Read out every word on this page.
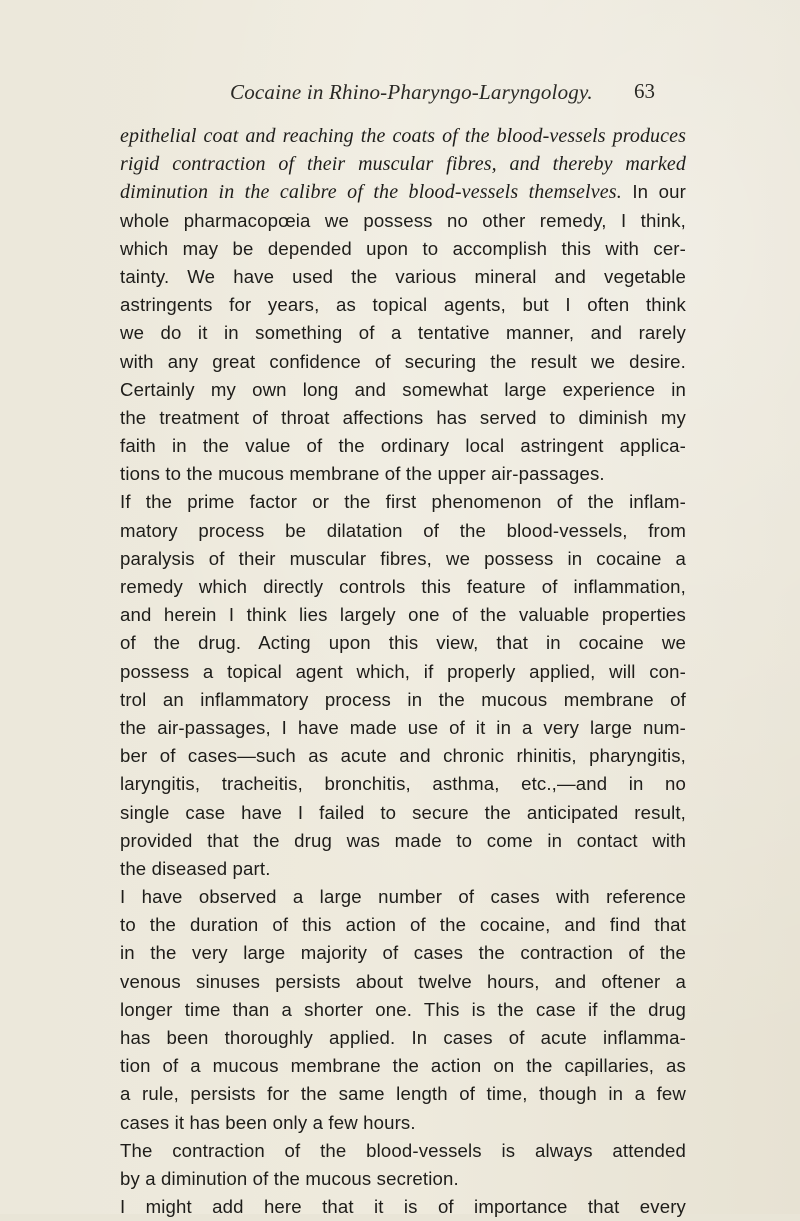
Cocaine in Rhino-Pharyngo-Laryngology.	63
epithelial coat and reaching the coats of the blood-vessels produces
rigid contraction of their muscular fibres, and thereby marked
diminution in the calibre of the blood-vessels themselves. In our
whole pharmacopœia we possess no other remedy, I think,
which may be depended upon to accomplish this with cer-
tainty. We have used the various mineral and vegetable
astringents for years, as topical agents, but I often think
we do it in something of a tentative manner, and rarely
with any great confidence of securing the result we desire.
Certainly my own long and somewhat large experience in
the treatment of throat affections has served to diminish my
faith in the value of the ordinary local astringent applica-
tions to the mucous membrane of the upper air-passages.
If the prime factor or the first phenomenon of the inflam-
matory process be dilatation of the blood-vessels, from
paralysis of their muscular fibres, we possess in cocaine a
remedy which directly controls this feature of inflammation,
and herein I think lies largely one of the valuable properties
of the drug. Acting upon this view, that in cocaine we
possess a topical agent which, if properly applied, will con-
trol an inflammatory process in the mucous membrane of
the air-passages, I have made use of it in a very large num-
ber of cases—such as acute and chronic rhinitis, pharyngitis,
laryngitis, tracheitis, bronchitis, asthma, etc.,—and in no
single case have I failed to secure the anticipated result,
provided that the drug was made to come in contact with
the diseased part.
I have observed a large number of cases with reference
to the duration of this action of the cocaine, and find that
in the very large majority of cases the contraction of the
venous sinuses persists about twelve hours, and oftener a
longer time than a shorter one. This is the case if the drug
has been thoroughly applied. In cases of acute inflamma-
tion of a mucous membrane the action on the capillaries, as
a rule, persists for the same length of time, though in a few
cases it has been only a few hours.
The contraction of the blood-vessels is always attended
by a diminution of the mucous secretion.
I might add here that it is of importance that every
